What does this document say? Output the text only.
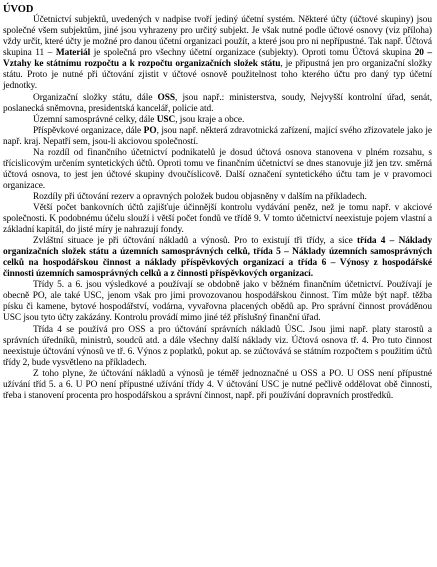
ÚVOD

Účetnictví subjektů, uvedených v nadpise tvoří jediný účetní systém. Některé účty (účtové skupiny) jsou společné všem subjektům, jiné jsou vyhrazeny pro určitý subjekt. Je však nutné podle účtové osnovy (viz příloha) vždy určit, které účty je možné pro danou účetní organizaci použít, a které jsou pro ni nepřípustné. Tak např. Účtová skupina 11 – Materiál je společná pro všechny účetní organizace (subjekty). Oproti tomu Účtová skupina 20 – Vztahy ke státnímu rozpočtu a k rozpočtu organizačních složek státu, je připustná jen pro organizační složky státu. Proto je nutné při účtování zjistit v účtové osnově použitelnost toho kterého účtu pro daný typ účetní jednotky.

Organizační složky státu, dále OSS, jsou např.: ministerstva, soudy, Nejvyšší kontrolní úřad, senát, poslanecká sněmovna, presidentská kancelář, policie atd.

Územní samosprávné celky, dále USC, jsou kraje a obce.

Příspěvkové organizace, dále PO, jsou např. některá zdravotnická zařízení, mající svého zřizovatele jako je např. kraj. Nepatří sem, jsou-li akciovou společností.

Na rozdíl od finančního účetnictví podnikatelů je dosud účtová osnova stanovena v plném rozsahu, s třícislicovým určením syntetických účtů. Oproti tomu ve finančním účetnictví se dnes stanovuje již jen tzv. směrná účtová osnova, to jest jen účtové skupiny dvoučíslicově. Další označení syntetického účtu tam je v pravomoci organizace.

Rozdíly při účtování rezerv a opravných položek budou objasněny v dalším na příkladech.

Větší počet bankovních účtů zajišťuje účinnější kontrolu vydávání peněz, než je tomu např. v akciové společnosti. K podobnému účelu slouží i větší počet fondů ve třídě 9. V tomto účetnictví neexistuje pojem vlastní a základní kapitál, do jisté míry je nahrazují fondy.

Zvláštní situace je při účtování nákladů a výnosů. Pro to existují tři třídy, a sice třída 4 – Náklady organizačních složek státu a územních samosprávných celků, třída 5 – Náklady územních samosprávných celků na hospodářskou činnost a náklady příspěvkových organizací a třída 6 – Výnosy z hospodářské činnosti územních samosprávných celků a z činnosti příspěvkových organizací.

Třídy 5. a 6. jsou výsledkové a používají se obdobně jako v běžném finančním účetnictví. Používají je obecně PO, ale také USC, jenom však pro jimi provozovanou hospodářskou činnost. Tím může být např. těžba písku či kamene, bytové hospodářství, vodárna, vyvařovna placených obědů ap. Pro správní činnost prováděnou USC jsou tyto účty zakázány. Kontrolu provádí mimo jiné též příslušný finanční úřad.

Třída 4 se používá pro OSS a pro účtování správních nákladů ÚSC. Jsou jimi např. platy starostů a správních úředníků, ministrů, soudců atd. a dále všechny další náklady viz. Účtová osnova tř. 4. Pro tuto činnost neexistuje účtování výnosů ve tř. 6. Výnos z poplatků, pokut ap. se zúčtovává se státním rozpočtem s použitím účtů třídy 2, bude vysvětleno na příkladech.

Z toho plyne, že účtování nákladů a výnosů je téměř jednoznačné u OSS a PO. U OSS není přípustné užívání tříd 5. a 6. U PO není přípustné užívání třídy 4. V účtování USC je nutné pečlivě oddělovat obě činnosti, třeba i stanovení procenta pro hospodářskou a správní činnost, např. při používání dopravních prostředků.
